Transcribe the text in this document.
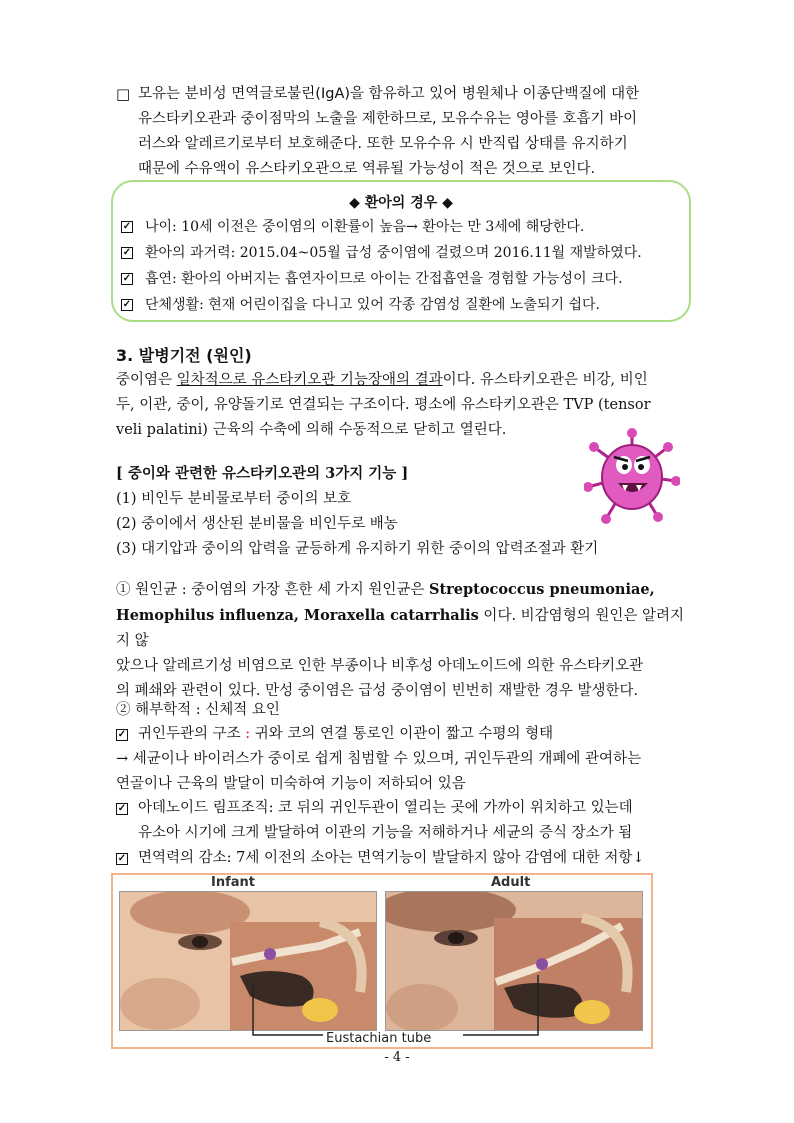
□ 모유는 분비성 면역글로불린(IgA)을 함유하고 있어 병원체나 이종단백질에 대한
유스타키오관과 중이점막의 노출을 제한하므로, 모유수유는 영아를 호흡기 바이
러스와 알레르기로부터 보호해준다. 또한 모유수유 시 반직립 상태를 유지하기
때문에 수유액이 유스타키오관으로 역류될 가능성이 적은 것으로 보인다.
◆ 환아의 경우 ◆
✓ 나이: 10세 이전은 중이염의 이환률이 높음→ 환아는 만 3세에 해당한다.
✓ 환아의 과거력: 2015.04~05월 급성 중이염에 걸렸으며 2016.11월 재발하였다.
✓ 흡연: 환아의 아버지는 흡연자이므로 아이는 간접흡연을 경험할 가능성이 크다.
✓ 단체생활: 현재 어린이집을 다니고 있어 각종 감염성 질환에 노출되기 쉽다.
3. 발병기전 (원인)
중이염은 일차적으로 유스타키오관 기능장애의 결과이다. 유스타키오관은 비강, 비인
두, 이관, 중이, 유양돌기로 연결되는 구조이다. 평소에 유스타키오관은 TVP (tensor
veli palatini) 근육의 수축에 의해 수동적으로 닫히고 열린다.
[ 중이와 관련한 유스타키오관의 3가지 기능 ]
(1) 비인두 분비물로부터 중이의 보호
(2) 중이에서 생산된 분비물을 비인두로 배농
(3) 대기압과 중이의 압력을 균등하게 유지하기 위한 중이의 압력조절과 환기
① 원인균 : 중이염의 가장 흔한 세 가지 원인균은 Streptococcus pneumoniae,
Hemophilus influenza, Moraxella catarrhalis 이다. 비감염형의 원인은 알려지지 않
았으나 알레르기성 비염으로 인한 부종이나 비후성 아데노이드에 의한 유스타키오관
의 폐쇄와 관련이 있다. 만성 중이염은 급성 중이염이 빈번히 재발한 경우 발생한다.
② 해부학적 : 신체적 요인
✓ 귀인두관의 구조 : 귀와 코의 연결 통로인 이관이 짧고 수평의 형태
→ 세균이나 바이러스가 중이로 쉽게 침범할 수 있으며, 귀인두관의 개폐에 관여하는
연골이나 근육의 발달이 미숙하여 기능이 저하되어 있음
✓ 아데노이드 림프조직: 코 뒤의 귀인두관이 열리는 곳에 가까이 위치하고 있는데
유소아 시기에 크게 발달하여 이관의 기능을 저해하거나 세균의 증식 장소가 됨
✓ 면역력의 감소: 7세 이전의 소아는 면역기능이 발달하지 않아 감염에 대한 저항↓
Infant	Adult
Eustachian tube
- 4 -
